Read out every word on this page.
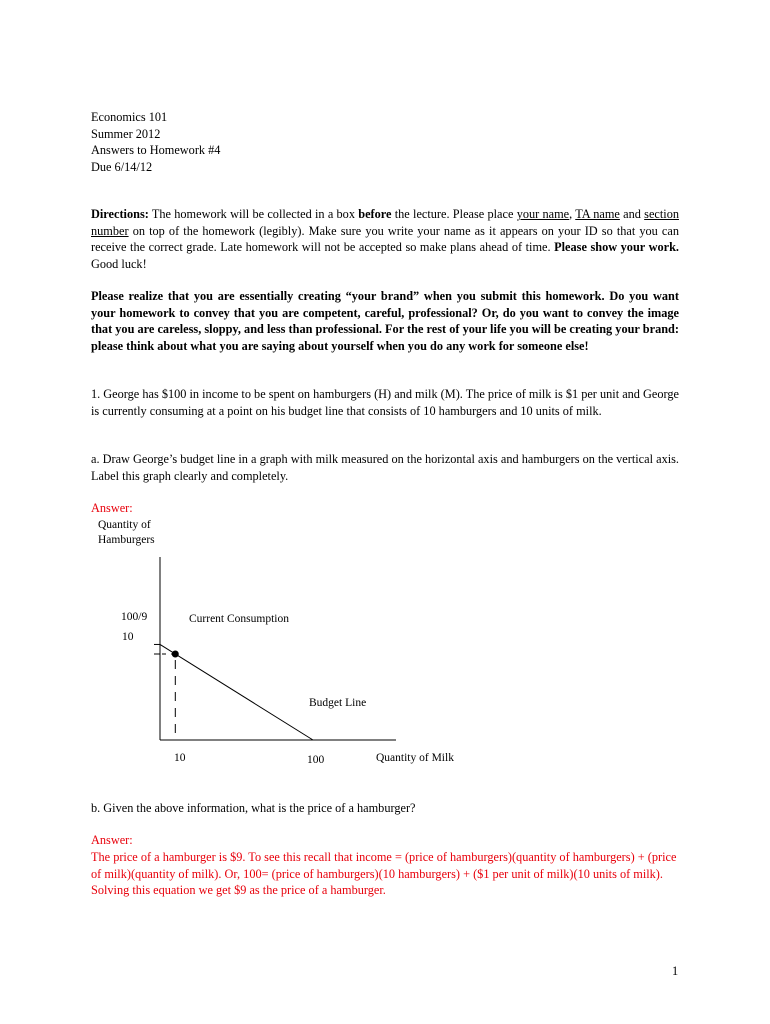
Economics 101
Summer 2012
Answers to Homework #4
Due 6/14/12
Directions: The homework will be collected in a box before the lecture. Please place your name, TA name and section number on top of the homework (legibly). Make sure you write your name as it appears on your ID so that you can receive the correct grade. Late homework will not be accepted so make plans ahead of time. Please show your work. Good luck!
Please realize that you are essentially creating “your brand” when you submit this homework. Do you want your homework to convey that you are competent, careful, professional? Or, do you want to convey the image that you are careless, sloppy, and less than professional. For the rest of your life you will be creating your brand: please think about what you are saying about yourself when you do any work for someone else!
1. George has $100 in income to be spent on hamburgers (H) and milk (M). The price of milk is $1 per unit and George is currently consuming at a point on his budget line that consists of 10 hamburgers and 10 units of milk.
a. Draw George’s budget line in a graph with milk measured on the horizontal axis and hamburgers on the vertical axis. Label this graph clearly and completely.
Answer:
Quantity of
Hamburgers
100/9
10
Current Consumption
Budget Line
10	100	Quantity of Milk
b. Given the above information, what is the price of a hamburger?
Answer:
The price of a hamburger is $9. To see this recall that income = (price of hamburgers)(quantity of hamburgers) + (price of milk)(quantity of milk). Or, 100= (price of hamburgers)(10 hamburgers) + ($1 per unit of milk)(10 units of milk). Solving this equation we get $9 as the price of a hamburger.
1
